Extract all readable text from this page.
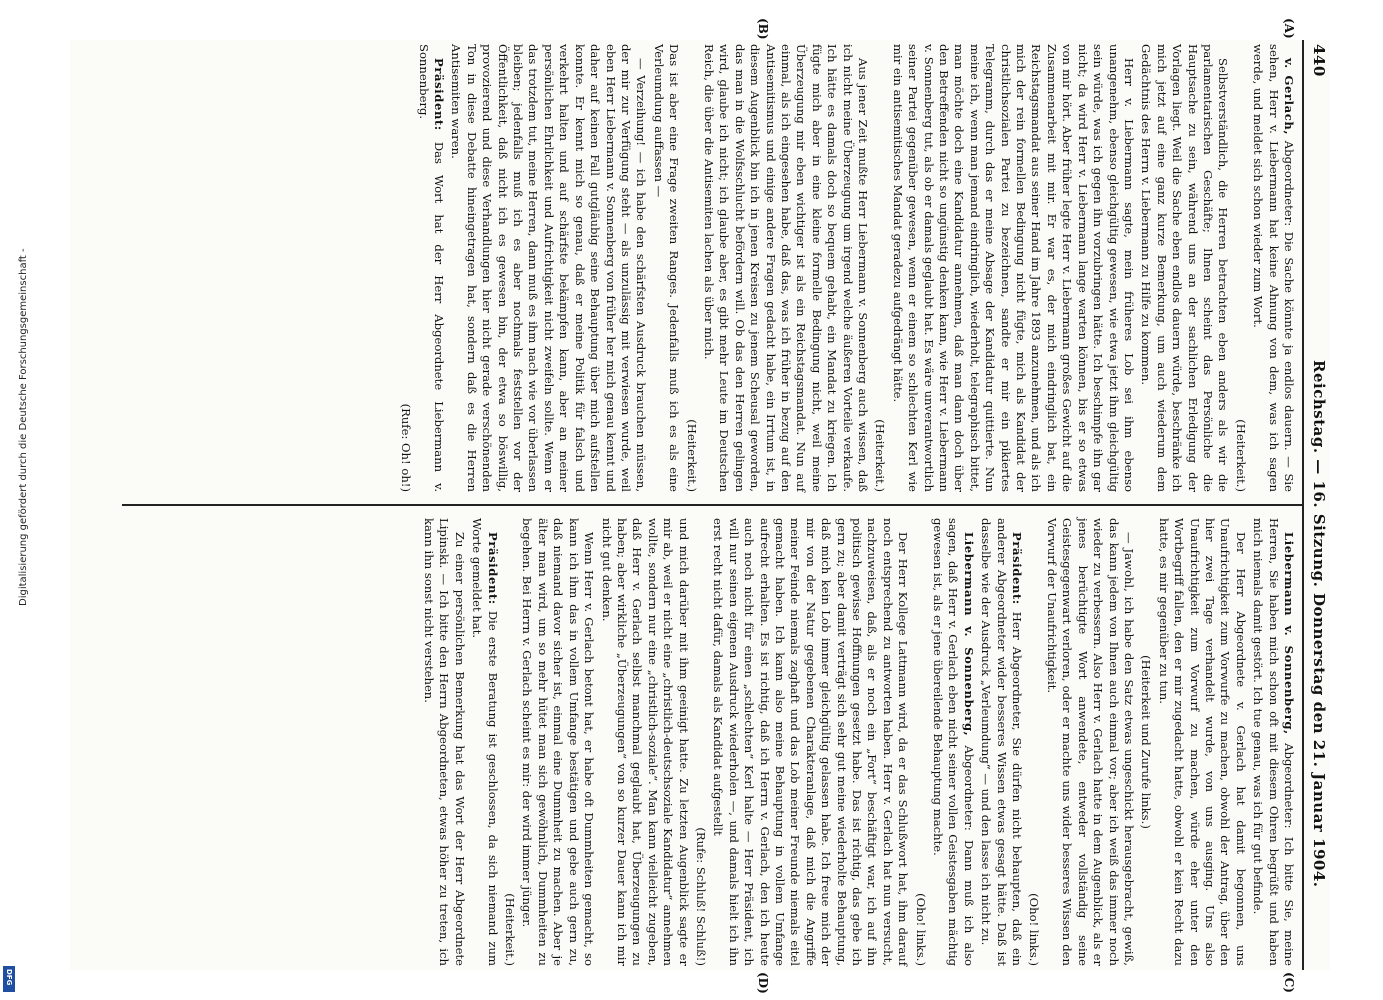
Digitalisierung gefördert durch die Deutsche Forschungsgemeinschaft -
DFG
440
Reichstag. — 16. Sitzung. Donnerstag den 21. Januar 1904.
(A)
(B)
(C)
(D)

v. Gerlach, Abgeordneter: Die Sache könnte ja endlos dauern. — Sie sehen, Herr v. Liebermann hat keine Ahnung von dem, was ich sagen werde, und meldet sich schon wieder zum Wort.

(Heiterkeit.)

Selbstverständlich, die Herren betrachten eben anders als wir die parlamentarischen Geschäfte; Ihnen scheint das Persönliche die Hauptsache zu sein, während uns an der sachlichen Erledigung der Vorlagen liegt. Weil die Sache eben endlos dauern würde, beschränke ich mich jetzt auf eine ganz kurze Bemerkung, um auch wiederum dem Gedächtnis des Herrn v. Liebermann zu Hilfe zu kommen.

Herr v. Liebermann sagte, mein früheres Lob sei ihm ebenso unangenehm, ebenso gleichgültig gewesen, wie etwa jetzt ihm gleichgültig sein würde, was ich gegen ihn vorzubringen hätte. Ich beschimpfe ihn gar nicht; da wird Herr v. Liebermann lange warten können, bis er so etwas von mir hört. Aber früher legte Herr v. Liebermann großes Gewicht auf die Zusammenarbeit mit mir. Er war es, der mich eindringlich bat, ein Reichstagsmandat aus seiner Hand im Jahre 1893 anzunehmen, und als ich mich der rein formellen Bedingung nicht fügte, mich als Kandidat der christlichsozialen Partei zu bezeichnen, sandte er mir ein pikiertes Telegramm, durch das er meine Absage der Kandidatur quittierte. Nun meine ich, wenn man jemand eindringlich, wiederholt, telegraphisch bittet, man möchte doch eine Kandidatur annehmen, daß man dann doch über den Betreffenden nicht so ungünstig denken kann, wie Herr v. Liebermann v. Sonnenberg tut, als ob er damals geglaubt hat. Es wäre unverantwortlich seiner Partei gegenüber gewesen, wenn er einem so schlechten Kerl wie mir ein antisemitisches Mandat geradezu aufgedrängt hätte.

(Heiterkeit.)

Aus jener Zeit mußte Herr Liebermann v. Sonnenberg auch wissen, daß ich nicht meine Überzeugung um irgend welche äußeren Vorteile verkaufe. Ich hätte es damals doch so bequem gehabt, ein Mandat zu kriegen. Ich fügte mich aber in eine kleine formelle Bedingung nicht, weil meine Überzeugung mir eben wichtiger ist als ein Reichstagsmandat. Nun auf einmal, als ich eingesehen habe, daß das, was ich früher in bezug auf den Antisemitismus und einige andere Fragen gedacht habe, ein Irrtum ist, in diesem Augenblick bin ich in jenen Kreisen zu jenem Scheusal geworden, das man in die Wolfsschlucht befördern will. Ob das den Herren gelingen wird, glaube ich nicht; ich glaube aber, es gibt mehr Leute im Deutschen Reich, die über die Antisemiten lachen als über mich.

(Heiterkeit.)

Das ist aber eine Frage zweiten Ranges. Jedenfalls muß ich es als eine Verleumdung auffassen —

— Verzeihung! — ich habe den schärfsten Ausdruck brauchen müssen, der mir zur Verfügung steht — als unzulässig mit verwiesen wurde, weil eben Herr Liebermann v. Sonnenberg von früher her mich genau kennt und daher auf keinen Fall gutgläubig seine Behauptung über mich aufstellen konnte. Er kennt mich so genau, daß er meine Politik für falsch und verkehrt halten und auf schärfste bekämpfen kann, aber an meiner persönlichen Ehrlichkeit und Aufrichtigkeit nicht zweifeln sollte. Wenn er das trotzdem tut, meine Herren, dann muß es ihm nach wie vor überlassen bleiben; jedenfalls muß ich es aber nochmals feststellen vor der Öffentlichkeit, daß nicht ich es gewesen bin, der etwa so böswillig, provozierend und diese Verhandlungen hier nicht gerade verschönenden Ton in diese Debatte hineingetragen hat, sondern daß es die Herren Antisemiten waren.

Präsident: Das Wort hat der Herr Abgeordnete Liebermann v. Sonnenberg.

(Rufe: Oh! oh!)

Liebermann v. Sonnenberg, Abgeordneter: Ich bitte Sie, meine Herren, Sie haben mich schon oft mit diesem Ohren begrüßt und haben mich niemals damit gestört. Ich tue genau, was ich für gut befinde.

Der Herr Abgeordnete v. Gerlach hat damit begonnen, uns Unaufrichtigkeit zum Vorwurfe zu machen, obwohl der Antrag, über den hier zwei Tage verhandelt wurde, von uns ausging. Uns also Unaufrichtigkeit zum Vorwurf zu machen, würde eher unter den Wortbegriff fallen, den er mir zugedacht hatte, obwohl er kein Recht dazu hatte, es mir gegenüber zu tun.

(Heiterkeit und Zurufe links.)

— Jawohl, ich habe den Satz etwas ungeschickt herausgebracht, gewiß, das kann jedem von Ihnen auch einmal vor; aber ich weiß das immer noch wieder zu verbessern. Also Herr v. Gerlach hatte in dem Augenblick, als er jenes berüchtigte Wort anwendete, entweder vollständig seine Geistesgegenwart verloren, oder er machte uns wider besseres Wissen den Vorwurf der Unaufrichtigkeit.

(Oho! links.)

Präsident: Herr Abgeordneter, Sie dürfen nicht behaupten, daß ein anderer Abgeordneter wider besseres Wissen etwas gesagt hätte. Daß ist dasselbe wie der Ausdruck „Verleumdung“ — und den lasse ich nicht zu.

Liebermann v. Sonnenberg, Abgeordneter: Dann muß ich also sagen, daß Herr v. Gerlach eben nicht seiner vollen Geistesgaben mächtig gewesen ist, als er jene übereilende Behauptung machte.

(Oho! links.)

Der Herr Kollege Lattmann wird, da er das Schlußwort hat, ihm darauf noch entsprechend zu antworten haben. Herr v. Gerlach hat nun versucht, nachzuweisen, daß, als er noch ein „Fort“ beschäftigt war, ich auf ihn politisch gewisse Hoffnungen gesetzt habe. Das ist richtig, das gebe ich gern zu; aber damit verträgt sich sehr gut meine wiederholte Behauptung, daß mich kein Lob immer gleichgültig gelassen habe. Ich freue mich der mir von der Natur gegebenen Charakteranlage, daß mich die Angriffe meiner Feinde niemals zaghaft und das Lob meiner Freunde niemals eitel gemacht haben. Ich kann also meine Behauptung in vollem Umfange aufrecht erhalten. Es ist richtig, daß ich Herrn v. Gerlach, den ich heute auch noch nicht für einen „schlechten“ Kerl halte — Herr Präsident, ich will nur seinen eigenen Ausdruck wiederholen —, und damals hielt ich ihn erst recht nicht dafür, damals als Kandidat aufgestellt

(Rufe: Schluß! Schluß!)

und mich darüber mit ihm geeinigt hatte. Zu letzten Augenblick sagte er mir ab, weil er nicht eine „christlich-deutschsoziale Kandidatur“ annehmen wollte, sondern nur eine „christlich-soziale“. Man kann vielleicht zugeben, daß Herr v. Gerlach selbst manchmal geglaubt hat, Überzeugungen zu haben; aber wirkliche „Überzeugungen“ von so kurzer Dauer kann ich mir nicht gut denken.

Wenn Herr v. Gerlach betont hat, er habe oft Dummheiten gemacht, so kann ich ihm das in vollem Umfange bestätigen und gebe auch gern zu, daß niemand davor sicher ist, einmal eine Dummheit zu machen. Aber je älter man wird, um so mehr hütet man sich gewöhnlich, Dummheiten zu begehen. Bei Herrn v. Gerlach scheint es mir: der wird immer jünger.

(Heiterkeit.)

Präsident: Die erste Beratung ist geschlossen, da sich niemand zum Worte gemeldet hat.

Zu einer persönlichen Bemerkung hat das Wort der Herr Abgeordnete Lipinski. — Ich bitte den Herrn Abgeordneten, etwas höher zu treten, ich kann ihn sonst nicht verstehen.
